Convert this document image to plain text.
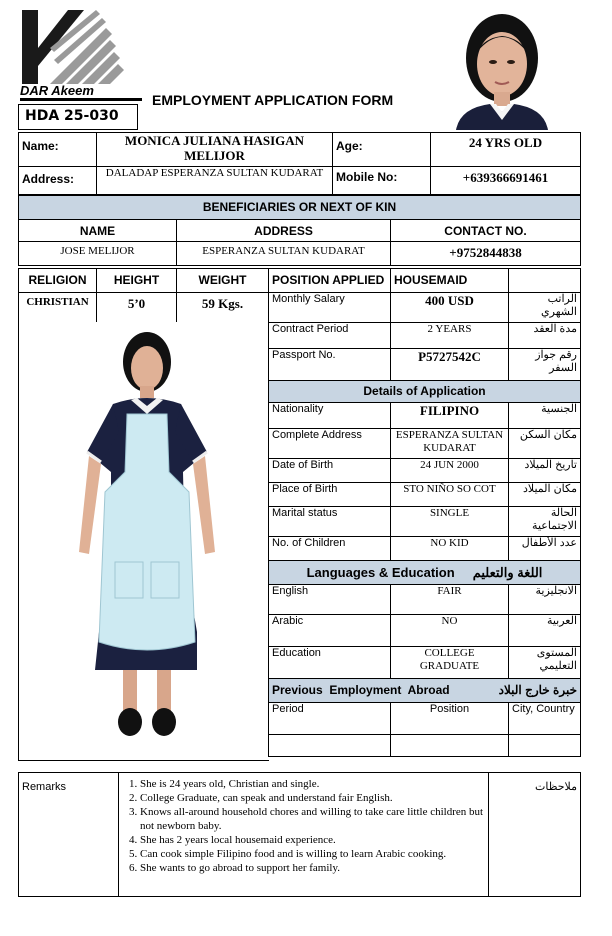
DAR Akeem
HDA 25-030
EMPLOYMENT APPLICATION FORM
Name:	MONICA JULIANA HASIGAN MELIJOR	Age:	24 YRS OLD
Address:	DALADAP ESPERANZA SULTAN KUDARAT	Mobile No:	+639366691461
BENEFICIARIES OR NEXT OF KIN		
NAME	ADDRESS	CONTACT NO.
JOSE MELIJOR	ESPERANZA SULTAN KUDARAT	+9752844838
RELIGION	HEIGHT	WEIGHT	POSITION APPLIED	HOUSEMAID	
CHRISTIAN	5’0	59 Kgs.	Monthly Salary	400 USD	الراتب الشهري
Contract Period	2 YEARS	مدة العقد
Passport No.	P5727542C	رقم جواز السفر
Details of Application		
Nationality	FILIPINO	الجنسية
Complete Address	ESPERANZA SULTAN KUDARAT	مكان السكن
Date of Birth	24 JUN 2000	تاريخ الميلاد
Place of Birth	STO NIÑO SO COT	مكان الميلاد
Marital status	SINGLE	الحالة الاجتماعية
No. of Children	NO KID	عدد الأطفال
Languages & Education اللغة والتعليم		
English	FAIR	الانجليزية
Arabic	NO	العربية
Education	COLLEGE GRADUATE	المستوى التعليمي
Previous  Employment  Abroad خبرة خارج البلاد		

Period	Position	City, Country

Remarks	
1.She is 24 years old, Christian and single.
2. College Graduate, can speak and understand fair English.
3. Knows all-around household chores and willing to take care little children but not newborn baby.
4. She has 2 years local housemaid experience.
5. Can cook simple Filipino food and is willing to learn Arabic cooking.
6. She wants to go abroad to support her family.
	ملاحظات
